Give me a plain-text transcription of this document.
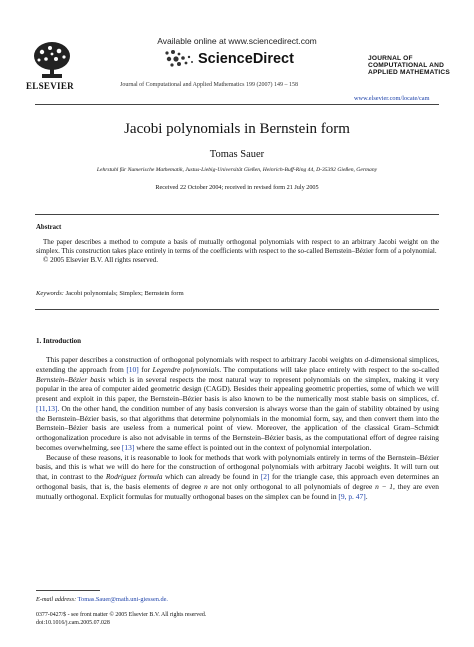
ELSEVIER
Available online at www.sciencedirect.com
ScienceDirect
Journal of Computational and Applied Mathematics 199 (2007) 149 – 158
JOURNAL OF
COMPUTATIONAL AND
APPLIED MATHEMATICS
www.elsevier.com/locate/cam
Jacobi polynomials in Bernstein form
Tomas Sauer
Lehrstuhl für Numerische Mathematik, Justus-Liebig-Universität Gießen, Heinrich-Buff-Ring 44, D-35392 Gießen, Germany
Received 22 October 2004; received in revised form 21 July 2005
Abstract

The paper describes a method to compute a basis of mutually orthogonal polynomials with respect to an arbitrary Jacobi weight on the simplex. This construction takes place entirely in terms of the coefficients with respect to the so-called Bernstein–Bézier form of a polynomial.

© 2005 Elsevier B.V. All rights reserved.

Keywords: Jacobi polynomials; Simplex; Bernstein form
1. Introduction

This paper describes a construction of orthogonal polynomials with respect to arbitrary Jacobi weights on d-dimensional simplices, extending the approach from [10] for Legendre polynomials. The computations will take place entirely with respect to the so-called Bernstein–Bézier basis which is in several respects the most natural way to represent polynomials on the simplex, making it very popular in the area of computer aided geometric design (CAGD). Besides their appealing geometric properties, some of which we will present and exploit in this paper, the Bernstein–Bézier basis is also known to be the numerically most stable basis on simplices, cf. [11,13]. On the other hand, the condition number of any basis conversion is always worse than the gain of stability obtained by using the Bernstein–Bézier basis, so that algorithms that determine polynomials in the monomial form, say, and then convert them into the Bernstein–Bézier basis are useless from a numerical point of view. Moreover, the application of the classical Gram–Schmidt orthogonalization procedure is also not advisable in terms of the Bernstein–Bézier basis, as the computational effort of degree raising becomes overwhelming, see [13] where the same effect is pointed out in the context of polynomial interpolation.

Because of these reasons, it is reasonable to look for methods that work with polynomials entirely in terms of the Bernstein–Bézier basis, and this is what we will do here for the construction of orthogonal polynomials with arbitrary Jacobi weights. It will turn out that, in contrast to the Rodriguez formula which can already be found in [2] for the triangle case, this approach even determines an orthogonal basis, that is, the basis elements of degree n are not only orthogonal to all polynomials of degree n − 1, they are even mutually orthogonal. Explicit formulas for mutually orthogonal bases on the simplex can be found in [9, p. 47].

E-mail address: Tomas.Sauer@math.uni-giessen.de.
0377-0427/$ - see front matter © 2005 Elsevier B.V. All rights reserved.
doi:10.1016/j.cam.2005.07.028
